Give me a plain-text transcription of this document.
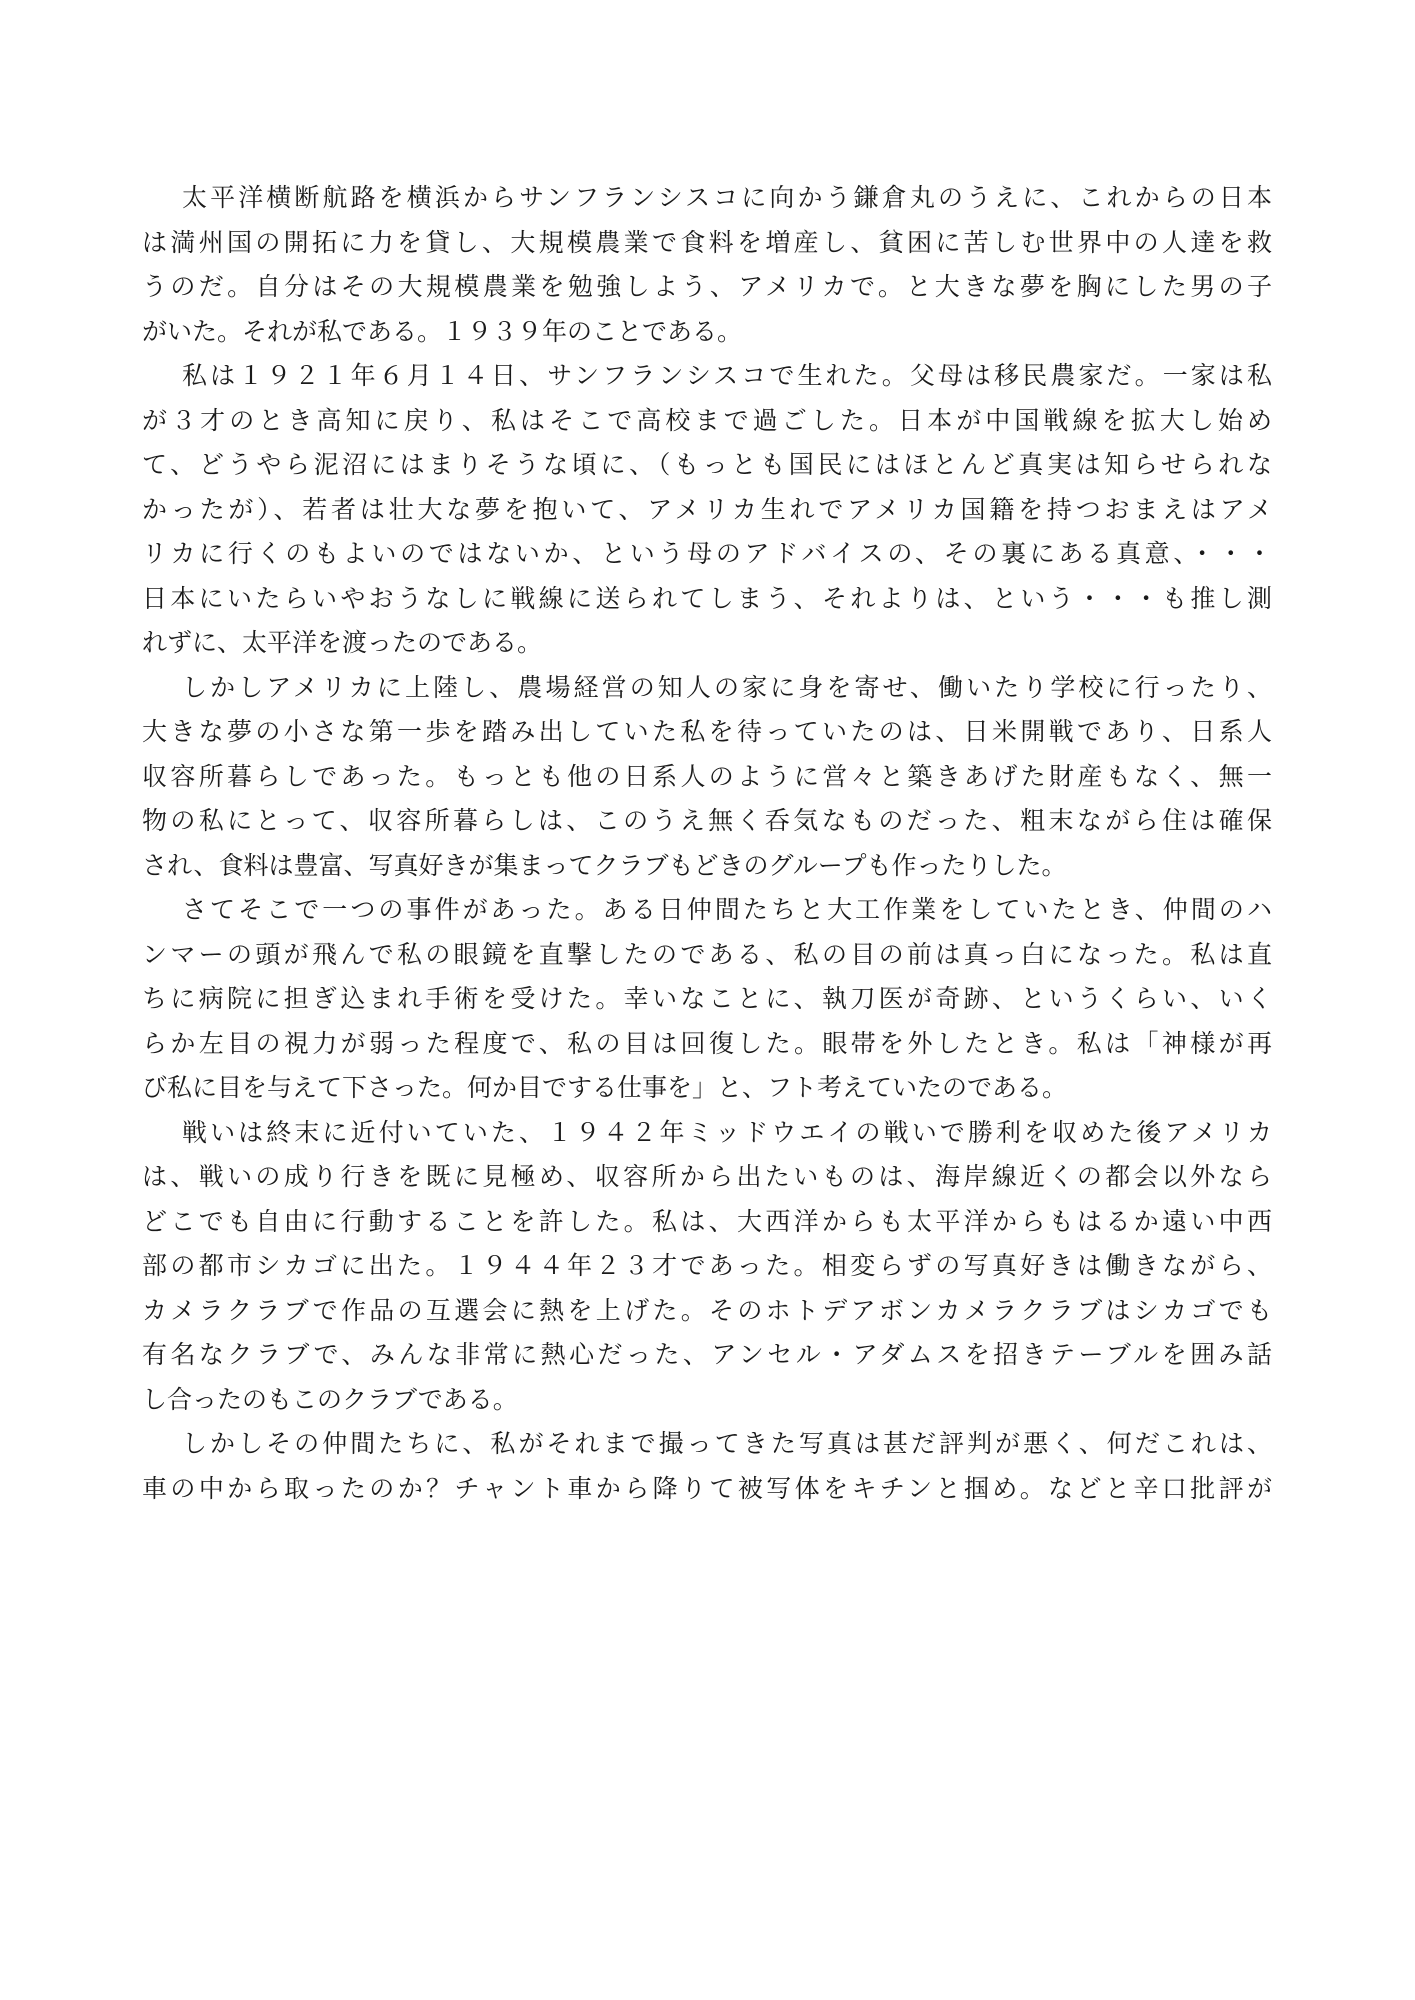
太平洋横断航路を横浜からサンフランシスコに向かう鎌倉丸のうえに、これからの日本
は満州国の開拓に力を貸し、大規模農業で食料を増産し、貧困に苦しむ世界中の人達を救
うのだ。自分はその大規模農業を勉強しよう、アメリカで。と大きな夢を胸にした男の子
がいた。それが私である。１９３９年のことである。
私は１９２１年６月１４日、サンフランシスコで生れた。父母は移民農家だ。一家は私
が３才のとき高知に戻り、私はそこで高校まで過ごした。日本が中国戦線を拡大し始め
て、どうやら泥沼にはまりそうな頃に、（もっとも国民にはほとんど真実は知らせられな
かったが）、若者は壮大な夢を抱いて、アメリカ生れでアメリカ国籍を持つおまえはアメ
リカに行くのもよいのではないか、という母のアドバイスの、その裏にある真意、・・・
日本にいたらいやおうなしに戦線に送られてしまう、それよりは、という・・・も推し測
れずに、太平洋を渡ったのである。
しかしアメリカに上陸し、農場経営の知人の家に身を寄せ、働いたり学校に行ったり、
大きな夢の小さな第一歩を踏み出していた私を待っていたのは、日米開戦であり、日系人
収容所暮らしであった。もっとも他の日系人のように営々と築きあげた財産もなく、無一
物の私にとって、収容所暮らしは、このうえ無く呑気なものだった、粗末ながら住は確保
され、食料は豊富、写真好きが集まってクラブもどきのグループも作ったりした。
さてそこで一つの事件があった。ある日仲間たちと大工作業をしていたとき、仲間のハ
ンマーの頭が飛んで私の眼鏡を直撃したのである、私の目の前は真っ白になった。私は直
ちに病院に担ぎ込まれ手術を受けた。幸いなことに、執刀医が奇跡、というくらい、いく
らか左目の視力が弱った程度で、私の目は回復した。眼帯を外したとき。私は「神様が再
び私に目を与えて下さった。何か目でする仕事を」と、フト考えていたのである。
戦いは終末に近付いていた、１９４２年ミッドウエイの戦いで勝利を収めた後アメリカ
は、戦いの成り行きを既に見極め、収容所から出たいものは、海岸線近くの都会以外なら
どこでも自由に行動することを許した。私は、大西洋からも太平洋からもはるか遠い中西
部の都市シカゴに出た。１９４４年２３才であった。相変らずの写真好きは働きながら、
カメラクラブで作品の互選会に熱を上げた。そのホトデアボンカメラクラブはシカゴでも
有名なクラブで、みんな非常に熱心だった、アンセル・アダムスを招きテーブルを囲み話
し合ったのもこのクラブである。
しかしその仲間たちに、私がそれまで撮ってきた写真は甚だ評判が悪く、何だこれは、
車の中から取ったのか？チャント車から降りて被写体をキチンと掴め。などと辛口批評が
